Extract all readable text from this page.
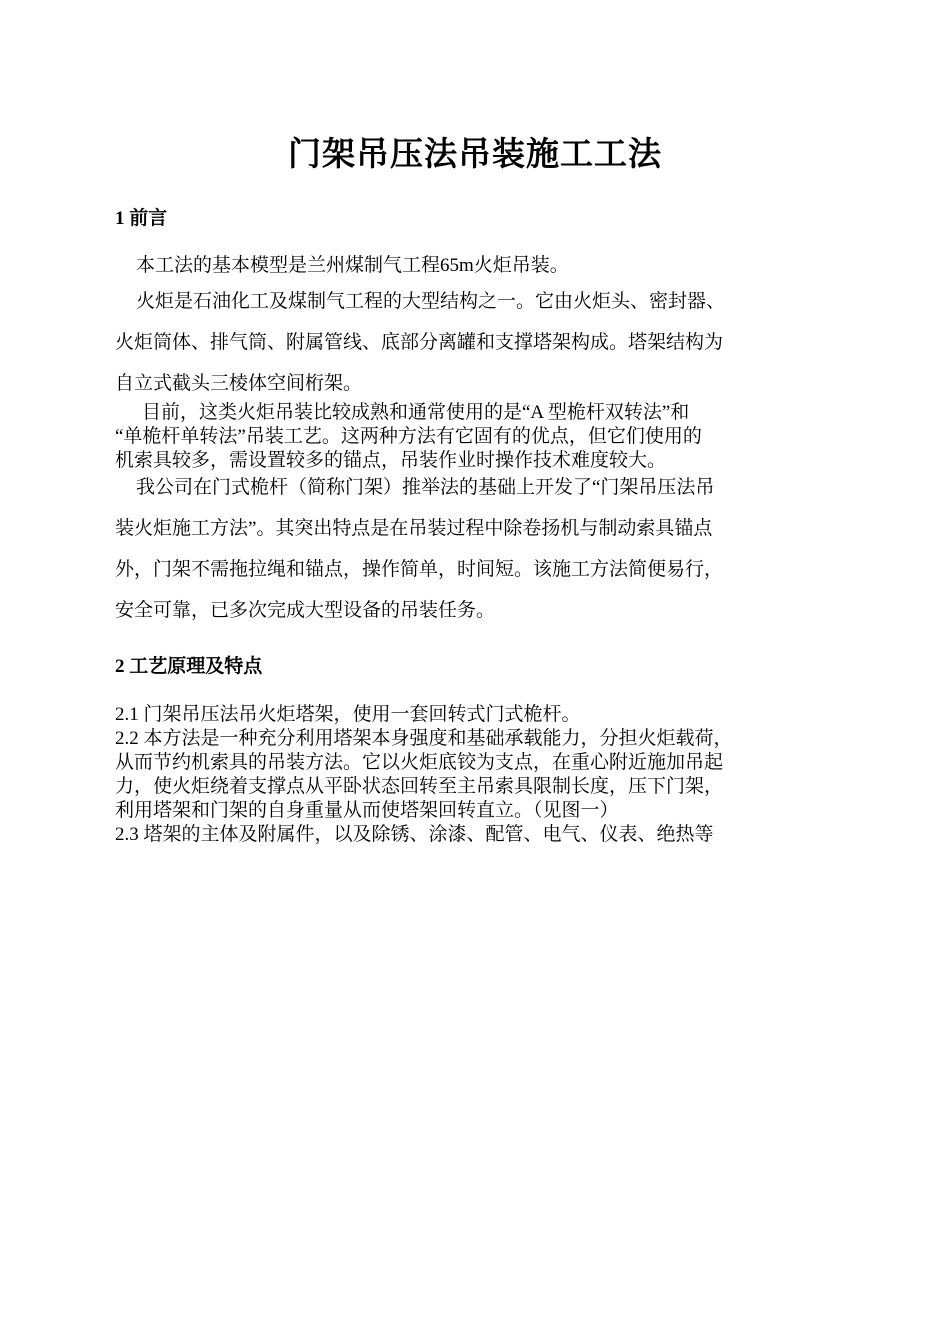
门架吊压法吊装施工工法
1 前言
本工法的基本模型是兰州煤制气工程65m火炬吊装。
火炬是石油化工及煤制气工程的大型结构之一。它由火炬头、密封器、
火炬筒体、排气筒、附属管线、底部分离罐和支撑塔架构成。塔架结构为
自立式截头三棱体空间桁架。
目前，这类火炬吊装比较成熟和通常使用的是“A 型桅杆双转法”和
“单桅杆单转法”吊装工艺。这两种方法有它固有的优点，但它们使用的
机索具较多，需设置较多的锚点，吊装作业时操作技术难度较大。
我公司在门式桅杆（简称门架）推举法的基础上开发了“门架吊压法吊
装火炬施工方法”。其突出特点是在吊装过程中除卷扬机与制动索具锚点
外，门架不需拖拉绳和锚点，操作简单，时间短。该施工方法简便易行，
安全可靠，已多次完成大型设备的吊装任务。
2 工艺原理及特点
2.1 门架吊压法吊火炬塔架，使用一套回转式门式桅杆。
2.2 本方法是一种充分利用塔架本身强度和基础承载能力，分担火炬载荷，
从而节约机索具的吊装方法。它以火炬底铰为支点，在重心附近施加吊起
力，使火炬绕着支撑点从平卧状态回转至主吊索具限制长度，压下门架，
利用塔架和门架的自身重量从而使塔架回转直立。（见图一）
2.3 塔架的主体及附属件，以及除锈、涂漆、配管、电气、仪表、绝热等
